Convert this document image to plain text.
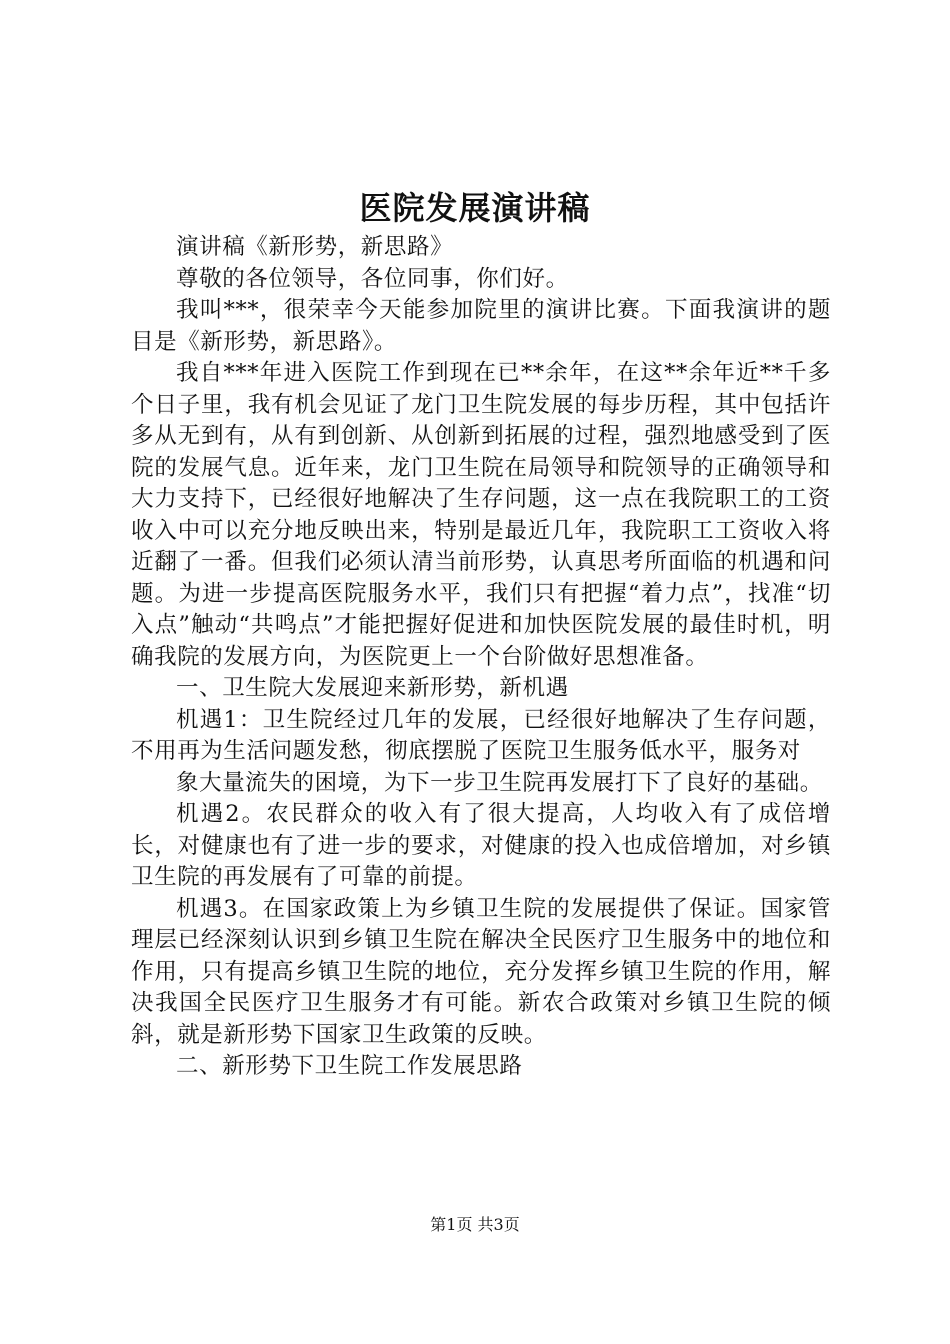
医院发展演讲稿

演讲稿《新形势，新思路》

尊敬的各位领导，各位同事，你们好。

我叫***，很荣幸今天能参加院里的演讲比赛。下面我演讲的题目是《新形势，新思路》。

我自***年进入医院工作到现在已**余年，在这**余年近**千多个日子里，我有机会见证了龙门卫生院发展的每步历程，其中包括许多从无到有，从有到创新、从创新到拓展的过程，强烈地感受到了医院的发展气息。近年来，龙门卫生院在局领导和院领导的正确领导和大力支持下，已经很好地解决了生存问题，这一点在我院职工的工资收入中可以充分地反映出来，特别是最近几年，我院职工工资收入将近翻了一番。但我们必须认清当前形势，认真思考所面临的机遇和问题。为进一步提高医院服务水平，我们只有把握“着力点”，找准“切入点”触动“共鸣点”才能把握好促进和加快医院发展的最佳时机，明确我院的发展方向，为医院更上一个台阶做好思想准备。

一、卫生院大发展迎来新形势，新机遇

机遇1：卫生院经过几年的发展，已经很好地解决了生存问题，不用再为生活问题发愁，彻底摆脱了医院卫生服务低水平，服务对

象大量流失的困境，为下一步卫生院再发展打下了良好的基础。

机遇2。农民群众的收入有了很大提高，人均收入有了成倍增长，对健康也有了进一步的要求，对健康的投入也成倍增加，对乡镇卫生院的再发展有了可靠的前提。

机遇3。在国家政策上为乡镇卫生院的发展提供了保证。国家管理层已经深刻认识到乡镇卫生院在解决全民医疗卫生服务中的地位和作用，只有提高乡镇卫生院的地位，充分发挥乡镇卫生院的作用，解决我国全民医疗卫生服务才有可能。新农合政策对乡镇卫生院的倾斜，就是新形势下国家卫生政策的反映。

二、新形势下卫生院工作发展思路

第1页 共3页
